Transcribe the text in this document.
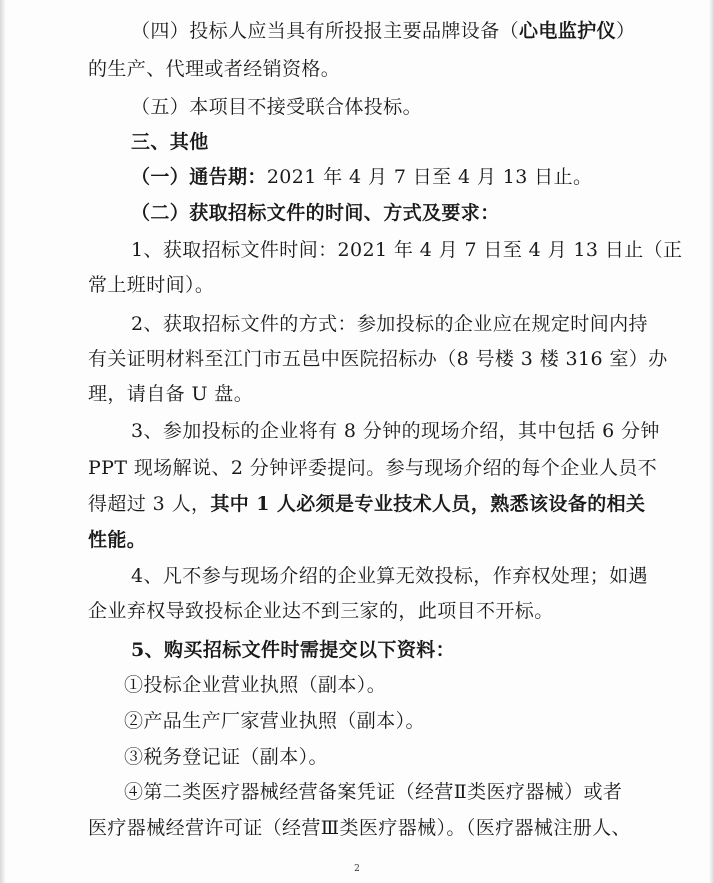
（四）投标人应当具有所投报主要品牌设备（心电监护仪）
的生产、代理或者经销资格。
（五）本项目不接受联合体投标。
三、其他
（一）通告期：2021 年 4 月 7 日至 4 月 13 日止。
（二）获取招标文件的时间、方式及要求：
1、获取招标文件时间：2021 年 4 月 7 日至 4 月 13 日止（正
常上班时间）。
2、获取招标文件的方式：参加投标的企业应在规定时间内持
有关证明材料至江门市五邑中医院招标办（8 号楼 3 楼 316 室）办
理，请自备 U 盘。
3、参加投标的企业将有 8 分钟的现场介绍，其中包括 6 分钟
PPT 现场解说、2 分钟评委提问。参与现场介绍的每个企业人员不
得超过 3 人，其中 1 人必须是专业技术人员，熟悉该设备的相关
性能。
4、凡不参与现场介绍的企业算无效投标，作弃权处理；如遇
企业弃权导致投标企业达不到三家的，此项目不开标。
5、购买招标文件时需提交以下资料：
①投标企业营业执照（副本）。
②产品生产厂家营业执照（副本）。
③税务登记证（副本）。
④第二类医疗器械经营备案凭证（经营Ⅱ类医疗器械）或者
医疗器械经营许可证（经营Ⅲ类医疗器械）。（医疗器械注册人、
2
